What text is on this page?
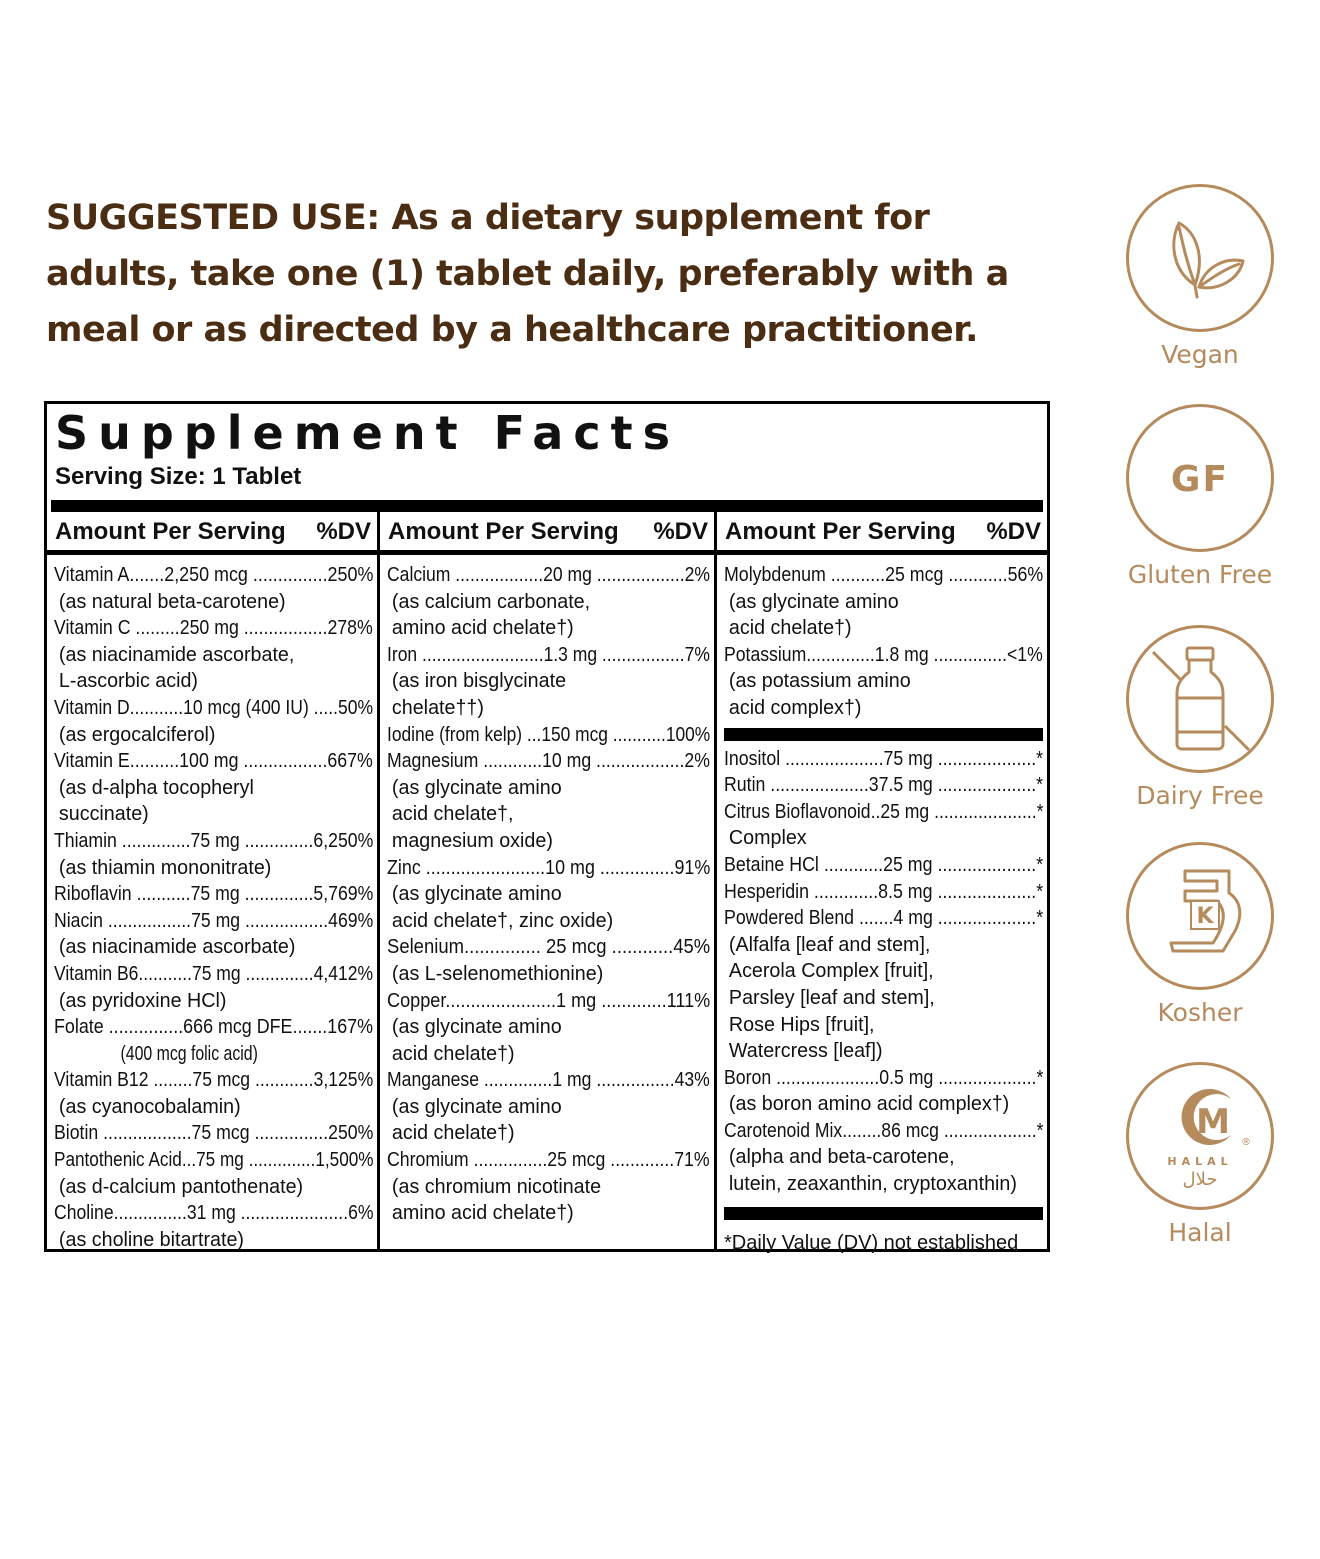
SUGGESTED USE: As a dietary supplement for adults, take one (1) tablet daily, preferably with a meal or as directed by a healthcare practitioner.

Supplement Facts
Serving Size: 1 Tablet
Amount Per Serving %DV
Vitamin A.......2,250 mcg ...............250%
(as natural beta-carotene)
Vitamin C .........250 mg .................278%
(as niacinamide ascorbate,
L-ascorbic acid)
Vitamin D...........10 mcg (400 IU) .....50%
(as ergocalciferol)
Vitamin E..........100 mg .................667%
(as d-alpha tocopheryl
succinate)
Thiamin ..............75 mg ..............6,250%
(as thiamin mononitrate)
Riboflavin ...........75 mg ..............5,769%
Niacin .................75 mg .................469%
(as niacinamide ascorbate)
Vitamin B6...........75 mg ..............4,412%
(as pyridoxine HCl)
Folate ...............666 mcg DFE.......167%
(400 mcg folic acid)
Vitamin B12 ........75 mcg ............3,125%
(as cyanocobalamin)
Biotin ..................75 mcg ...............250%
Pantothenic Acid...75 mg ..............1,500%
(as d-calcium pantothenate)
Choline...............31 mg ......................6%
(as choline bitartrate)
Amount Per Serving %DV
Calcium ..................20 mg ..................2%
(as calcium carbonate,
amino acid chelate†)
Iron .........................1.3 mg .................7%
(as iron bisglycinate
chelate††)
Iodine (from kelp) ...150 mcg ...........100%
Magnesium ............10 mg ..................2%
(as glycinate amino
acid chelate†,
magnesium oxide)
Zinc ........................10 mg ...............91%
(as glycinate amino
acid chelate†, zinc oxide)
Selenium............... 25 mcg ............45%
(as L-selenomethionine)
Copper......................1 mg .............111%
(as glycinate amino
acid chelate†)
Manganese ..............1 mg ................43%
(as glycinate amino
acid chelate†)
Chromium ...............25 mcg .............71%
(as chromium nicotinate
amino acid chelate†)
Amount Per Serving %DV
Molybdenum ...........25 mcg ............56%
(as glycinate amino
acid chelate†)
Potassium..............1.8 mg ...............<1%
(as potassium amino
acid complex†)
Inositol ....................75 mg ....................*
Rutin ....................37.5 mg ....................*
Citrus Bioflavonoid..25 mg .....................*
Complex
Betaine HCl ............25 mg ....................*
Hesperidin .............8.5 mg ....................*
Powdered Blend .......4 mg ....................*
(Alfalfa [leaf and stem],
Acerola Complex [fruit],
Parsley [leaf and stem],
Rose Hips [fruit],
Watercress [leaf])
Boron .....................0.5 mg ....................*
(as boron amino acid complex†)
Carotenoid Mix........86 mcg ...................*
(alpha and beta-carotene,
lutein, zeaxanthin, cryptoxanthin)
*Daily Value (DV) not established
Vegan
GF
Gluten Free
Dairy Free
K
Kosher
M
®
HALAL
حلال
Halal
